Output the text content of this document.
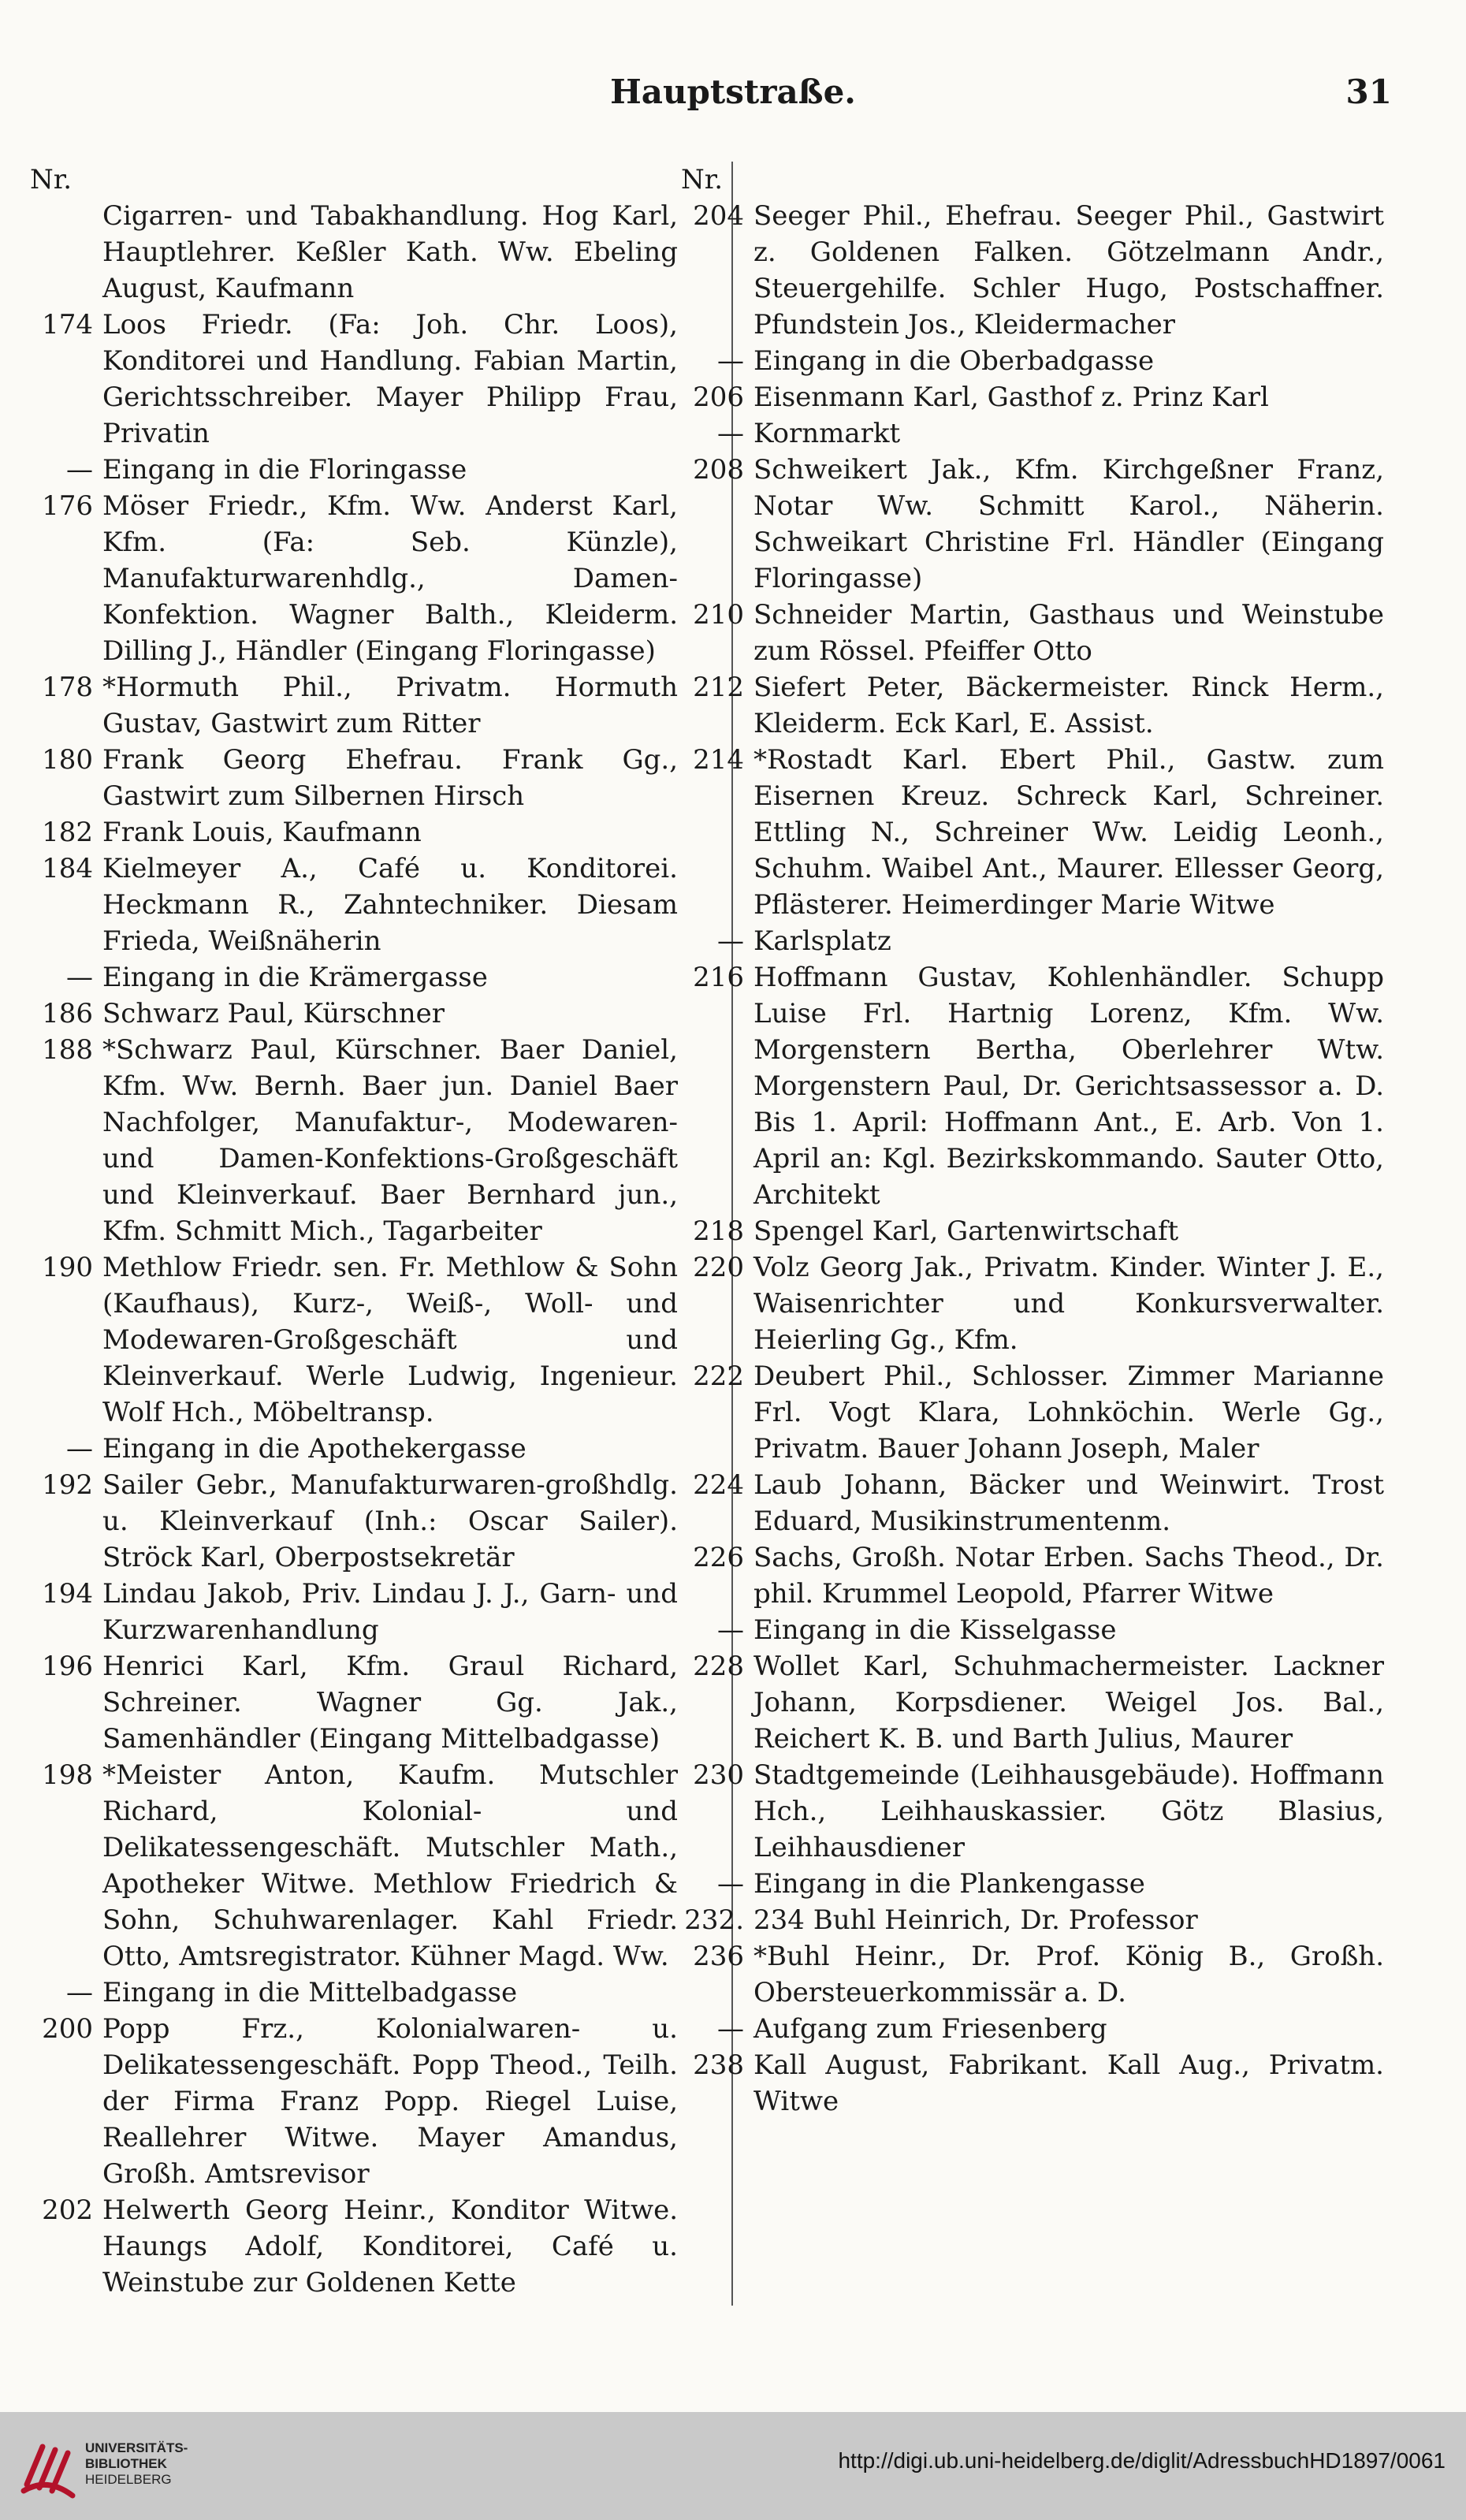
Hauptstraße.	31
Nr.
Cigarren- und Tabakhandlung. Hog Karl, Hauptlehrer. Keßler Kath. Ww. Ebeling August, Kaufmann
174 Loos Friedr. (Fa: Joh. Chr. Loos), Konditorei und Handlung. Fabian Martin, Gerichtsschreiber. Mayer Philipp Frau, Privatin
— Eingang in die Floringasse
176 Möser Friedr., Kfm. Ww. Anderst Karl, Kfm. (Fa: Seb. Künzle), Manufakturwarenhdlg., Damen-Konfektion. Wagner Balth., Kleiderm. Dilling J., Händler (Eingang Floringasse)
178 *Hormuth Phil., Privatm. Hormuth Gustav, Gastwirt zum Ritter
180 Frank Georg Ehefrau. Frank Gg., Gastwirt zum Silbernen Hirsch
182 Frank Louis, Kaufmann
184 Kielmeyer A., Café u. Konditorei. Heckmann R., Zahntechniker. Diesam Frieda, Weißnäherin
— Eingang in die Krämergasse
186 Schwarz Paul, Kürschner
188 *Schwarz Paul, Kürschner. Baer Daniel, Kfm. Ww. Bernh. Baer jun. Daniel Baer Nachfolger, Manufaktur-, Modewaren- und Damen-Konfektions-Großgeschäft und Kleinverkauf. Baer Bernhard jun., Kfm. Schmitt Mich., Tagarbeiter
190 Methlow Friedr. sen. Fr. Methlow & Sohn (Kaufhaus), Kurz-, Weiß-, Woll- und Modewaren-Großgeschäft und Kleinverkauf. Werle Ludwig, Ingenieur. Wolf Hch., Möbeltransp.
— Eingang in die Apothekergasse
192 Sailer Gebr., Manufakturwaren-großhdlg. u. Kleinverkauf (Inh.: Oscar Sailer). Ströck Karl, Oberpostsekretär
194 Lindau Jakob, Priv. Lindau J. J., Garn- und Kurzwarenhandlung
196 Henrici Karl, Kfm. Graul Richard, Schreiner. Wagner Gg. Jak., Samenhändler (Eingang Mittelbadgasse)
198 *Meister Anton, Kaufm. Mutschler Richard, Kolonial- und Delikatessengeschäft. Mutschler Math., Apotheker Witwe. Methlow Friedrich & Sohn, Schuhwarenlager. Kahl Friedr. Otto, Amtsregistrator. Kühner Magd. Ww.
— Eingang in die Mittelbadgasse
200 Popp Frz., Kolonialwaren- u. Delikatessengeschäft. Popp Theod., Teilh. der Firma Franz Popp. Riegel Luise, Reallehrer Witwe. Mayer Amandus, Großh. Amtsrevisor
202 Helwerth Georg Heinr., Konditor Witwe. Haungs Adolf, Konditorei, Café u. Weinstube zur Goldenen Kette
Nr.
204 Seeger Phil., Ehefrau. Seeger Phil., Gastwirt z. Goldenen Falken. Götzelmann Andr., Steuergehilfe. Schler Hugo, Postschaffner. Pfundstein Jos., Kleidermacher
— Eingang in die Oberbadgasse
206 Eisenmann Karl, Gasthof z. Prinz Karl
— Kornmarkt
208 Schweikert Jak., Kfm. Kirchgeßner Franz, Notar Ww. Schmitt Karol., Näherin. Schweikart Christine Frl. Händler (Eingang Floringasse)
210 Schneider Martin, Gasthaus und Weinstube zum Rössel. Pfeiffer Otto
212 Siefert Peter, Bäckermeister. Rinck Herm., Kleiderm. Eck Karl, E. Assist.
214 *Rostadt Karl. Ebert Phil., Gastw. zum Eisernen Kreuz. Schreck Karl, Schreiner. Ettling N., Schreiner Ww. Leidig Leonh., Schuhm. Waibel Ant., Maurer. Ellesser Georg, Pflästerer. Heimerdinger Marie Witwe
— Karlsplatz
216 Hoffmann Gustav, Kohlenhändler. Schupp Luise Frl. Hartnig Lorenz, Kfm. Ww. Morgenstern Bertha, Oberlehrer Wtw. Morgenstern Paul, Dr. Gerichtsassessor a. D. Bis 1. April: Hoffmann Ant., E. Arb. Von 1. April an: Kgl. Bezirkskommando. Sauter Otto, Architekt
218 Spengel Karl, Gartenwirtschaft
220 Volz Georg Jak., Privatm. Kinder. Winter J. E., Waisenrichter und Konkursverwalter. Heierling Gg., Kfm.
222 Deubert Phil., Schlosser. Zimmer Marianne Frl. Vogt Klara, Lohnköchin. Werle Gg., Privatm. Bauer Johann Joseph, Maler
224 Laub Johann, Bäcker und Weinwirt. Trost Eduard, Musikinstrumentenm.
226 Sachs, Großh. Notar Erben. Sachs Theod., Dr. phil. Krummel Leopold, Pfarrer Witwe
— Eingang in die Kisselgasse
228 Wollet Karl, Schuhmachermeister. Lackner Johann, Korpsdiener. Weigel Jos. Bal., Reichert K. B. und Barth Julius, Maurer
230 Stadtgemeinde (Leihhausgebäude). Hoffmann Hch., Leihhauskassier. Götz Blasius, Leihhausdiener
— Eingang in die Plankengasse
232. 234 Buhl Heinrich, Dr. Professor
236 *Buhl Heinr., Dr. Prof. König B., Großh. Obersteuerkommissär a. D.
— Aufgang zum Friesenberg
238 Kall August, Fabrikant. Kall Aug., Privatm. Witwe
UNIVERSITÄTS-
BIBLIOTHEK
HEIDELBERG
http://digi.ub.uni-heidelberg.de/diglit/AdressbuchHD1897/0061
